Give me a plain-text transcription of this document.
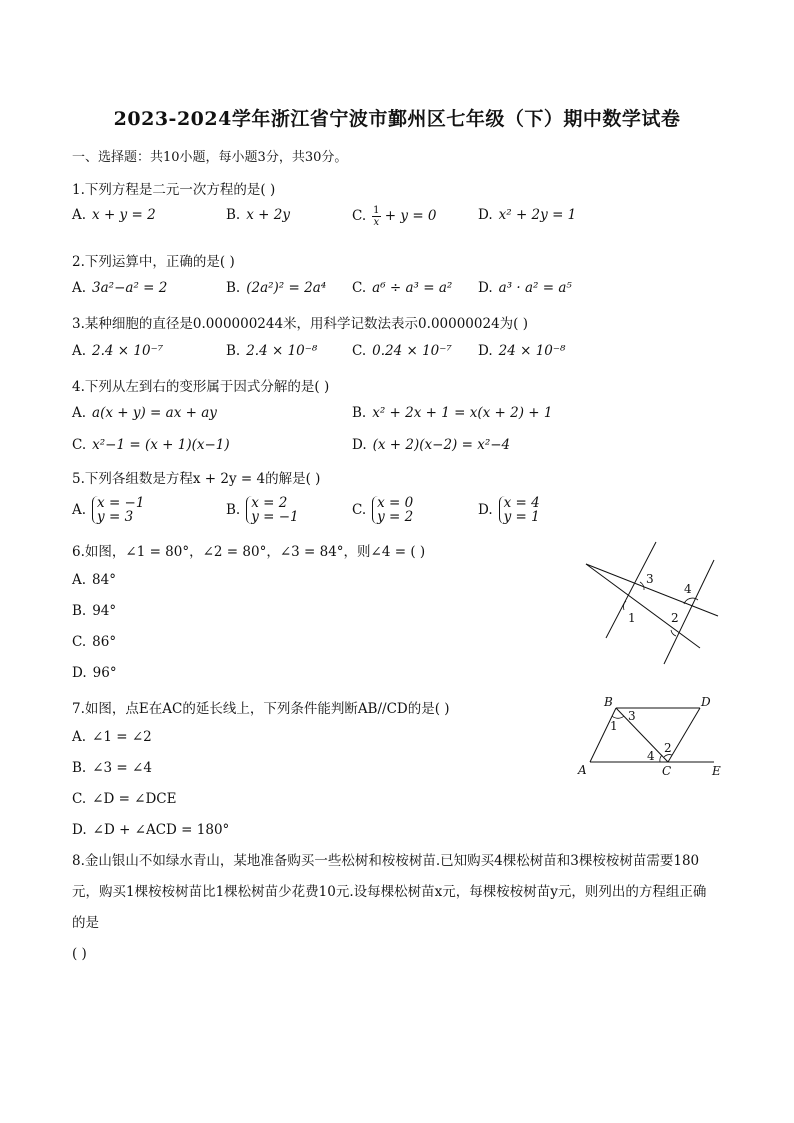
2023-2024学年浙江省宁波市鄞州区七年级（下）期中数学试卷
一、选择题：共10小题，每小题3分，共30分。
1.下列方程是二元一次方程的是( )
A. x + y = 2	B. x + 2y	C. $\frac{1}{x} + y = 0$	D. x² + 2y = 1
2.下列运算中，正确的是( )
A. 3a²−a² = 2	B. (2a²)² = 2a⁴ C. a⁶ ÷ a³ = a² D. a³ · a² = a⁵
3.某种细胞的直径是0.000000244米，用科学记数法表示0.00000024为( )
A. 2.4 × 10⁻⁷	B. 2.4 × 10⁻⁸	C. 0.24 × 10⁻⁷ D. 24 × 10⁻⁸
4.下列从左到右的变形属于因式分解的是( )
A. a(x + y) = ax + ay	B. x² + 2x + 1 = x(x + 2) + 1
C. x²−1 = (x + 1)(x−1)	D. (x + 2)(x−2) = x²−4
5.下列各组数是方程x + 2y = 4的解是( )
A. x = −1
y = 3	B. x = 2
y = −1	C. x = 0
y = 2	D. x = 4
y = 1
6.如图，∠1 = 80°，∠2 = 80°，∠3 = 84°，则∠4 = ( )
A. 84°
B. 94°
C. 86°
D. 96°
3
4
1	2
7.如图，点E在AC的延长线上，下列条件能判断AB//CD的是( )
A. ∠1 = ∠2
B. ∠3 = ∠4
C. ∠D = ∠DCE
D. ∠D + ∠ACD = 180°
B	D
A	C	E
3
1
2
4
8.金山银山不如绿水青山，某地准备购买一些松树和桉桉树苗.已知购买4棵松树苗和3棵桉桉树苗需要180
元，购买1棵桉桉树苗比1棵松树苗少花费10元.设每棵松树苗x元，每棵桉桉树苗y元，则列出的方程组正确
的是
( )
